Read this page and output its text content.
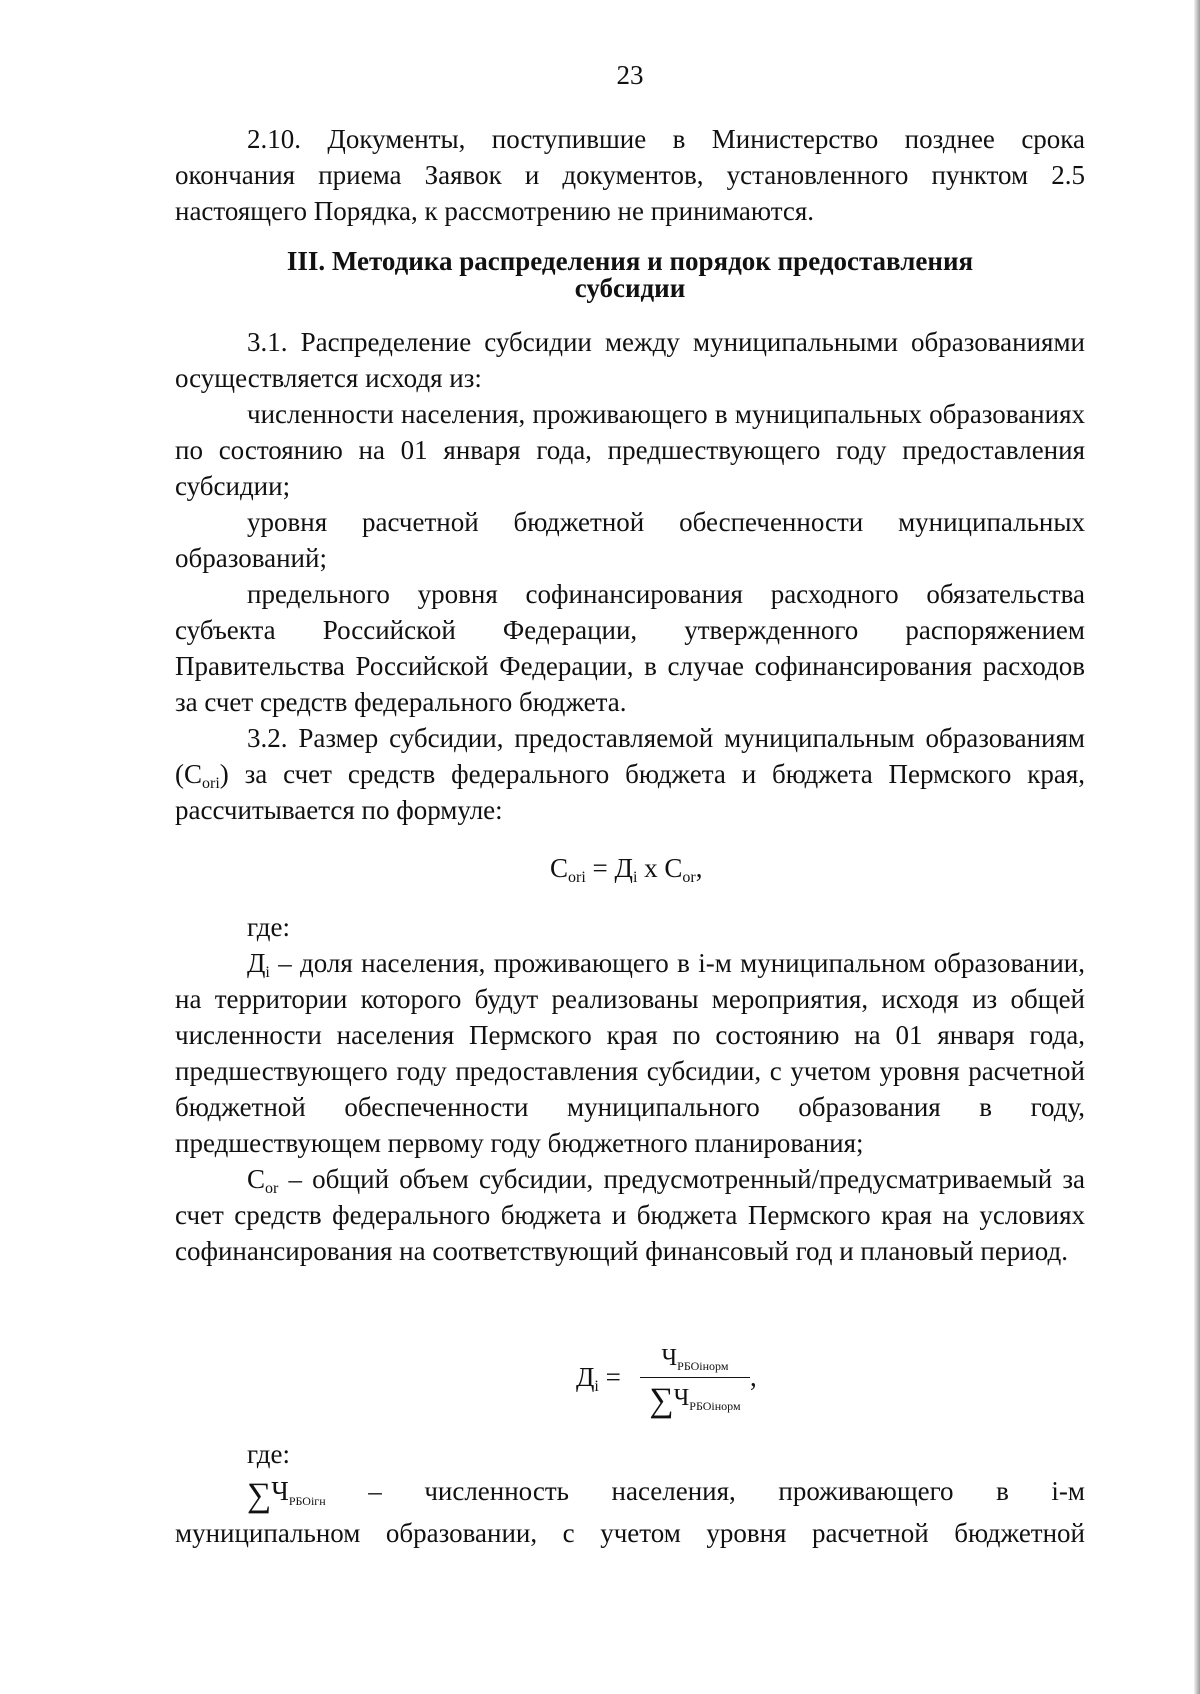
23

2.10. Документы, поступившие в Министерство позднее срока окончания приема Заявок и документов, установленного пунктом 2.5 настоящего Порядка, к рассмотрению не принимаются.

III. Методика распределения и порядок предоставления
субсидии

3.1. Распределение субсидии между муниципальными образованиями осуществляется исходя из:

численности населения, проживающего в муниципальных образованиях по состоянию на 01 января года, предшествующего году предоставления субсидии;

уровня расчетной бюджетной обеспеченности муниципальных образований;

предельного уровня софинансирования расходного обязательства субъекта Российской Федерации, утвержденного распоряжением Правительства Российской Федерации, в случае софинансирования расходов за счет средств федерального бюджета.

3.2. Размер субсидии, предоставляемой муниципальным образованиям $(С_{ori})$ за счет средств федерального бюджета и бюджета Пермского края, рассчитывается по формуле:

$С_{ori} = Д_i$ x $С_{or}$,

где:

$Д_i$ – доля населения, проживающего в i-м муниципальном образовании, на территории которого будут реализованы мероприятия, исходя из общей численности населения Пермского края по состоянию на 01 января года, предшествующего году предоставления субсидии, с учетом уровня расчетной бюджетной обеспеченности муниципального образования в году, предшествующем первому году бюджетного планирования;

$С_{or}$ – общий объем субсидии, предусмотренный/предусматриваемый за счет средств федерального бюджета и бюджета Пермского края на условиях софинансирования на соответствующий финансовый год и плановый период.

$Д_i$ =
$Ч_{РБОiнорм}$
$\sum Ч_{РБОiнорм}$
,

где:

∑ЧРБОiгн – численность населения, проживающего в i-м

муниципальном образовании, с учетом уровня расчетной бюджетной
